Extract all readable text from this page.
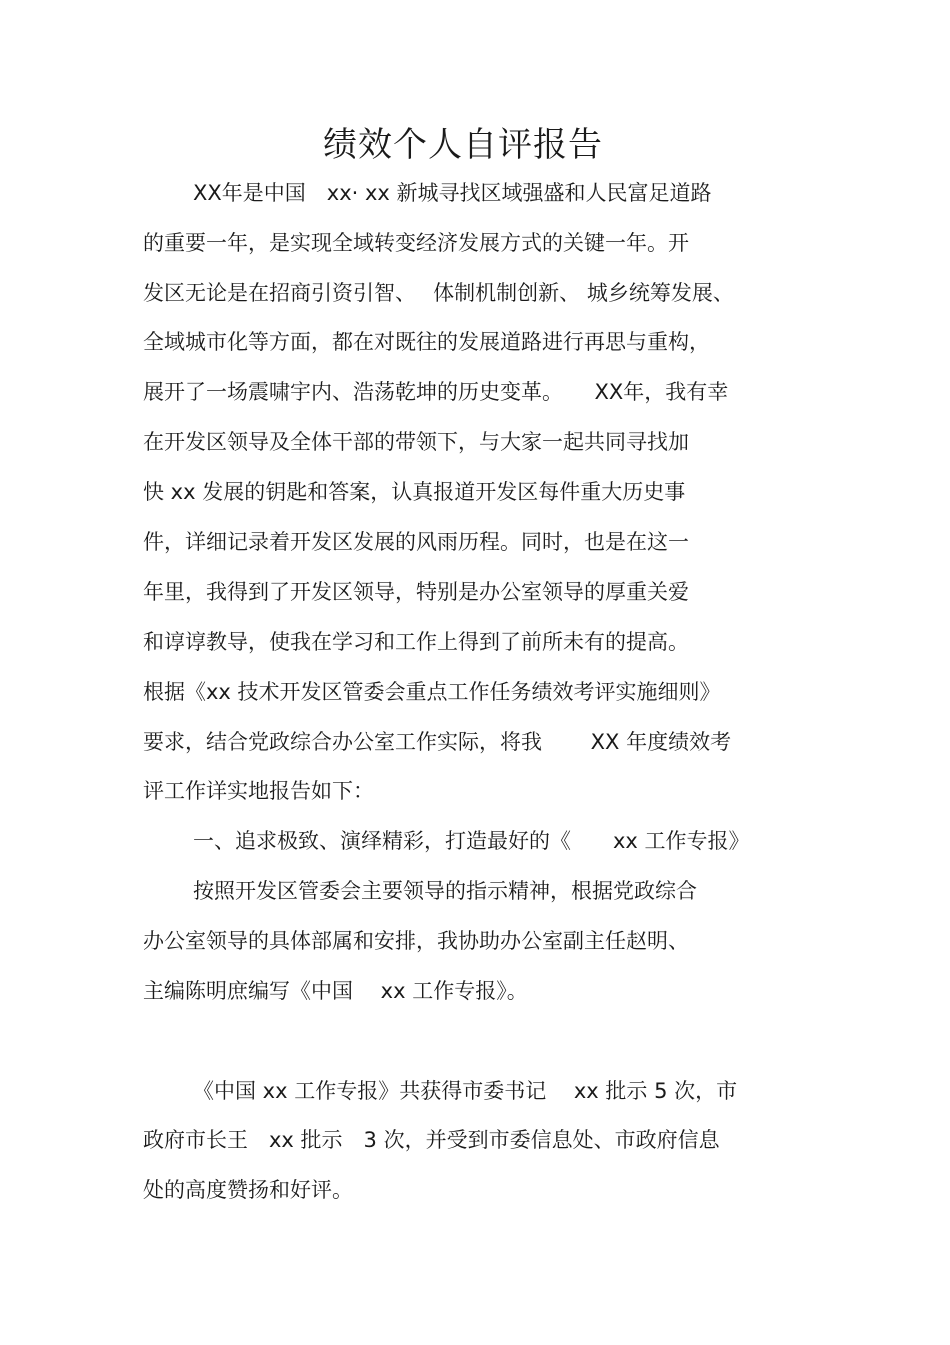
绩效个人自评报告
XX年是中国　xx· xx 新城寻找区域强盛和人民富足道路
的重要一年，是实现全域转变经济发展方式的关键一年。开
发区无论是在招商引资引智、　 体制机制创新、 城乡统筹发展、
全域城市化等方面，都在对既往的发展道路进行再思与重构，
展开了一场震啸宇内、浩荡乾坤的历史变革。　　XX年，我有幸
在开发区领导及全体干部的带领下，与大家一起共同寻找加
快 xx 发展的钥匙和答案，认真报道开发区每件重大历史事
件，详细记录着开发区发展的风雨历程。同时，也是在这一
年里，我得到了开发区领导，特别是办公室领导的厚重关爱
和谆谆教导，使我在学习和工作上得到了前所未有的提高。
根据《xx 技术开发区管委会重点工作任务绩效考评实施细则》
要求，结合党政综合办公室工作实际，将我　　 XX 年度绩效考
评工作详实地报告如下：
一、追求极致、演绎精彩，打造最好的《　　xx 工作专报》
按照开发区管委会主要领导的指示精神，根据党政综合
办公室领导的具体部属和安排，我协助办公室副主任赵明、
主编陈明庶编写《中国　 xx 工作专报》。
《中国 xx 工作专报》共获得市委书记　 xx 批示 5 次，市
政府市长王　xx 批示　3 次，并受到市委信息处、市政府信息
处的高度赞扬和好评。
